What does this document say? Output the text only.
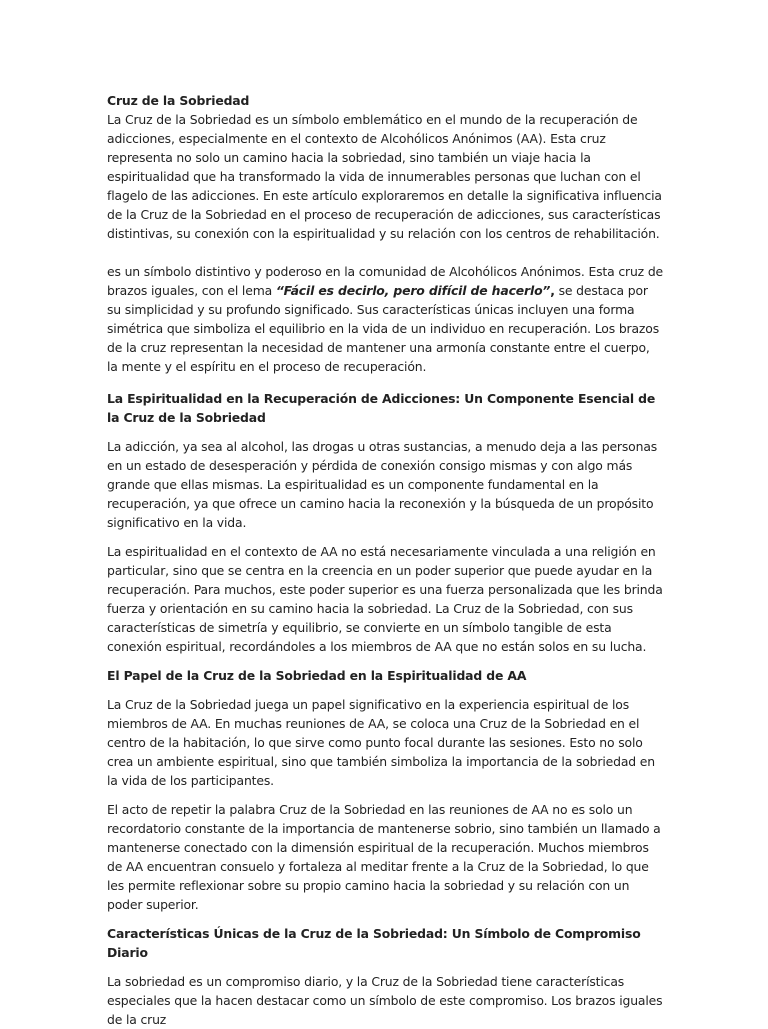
Cruz de la Sobriedad

La Cruz de la Sobriedad es un símbolo emblemático en el mundo de la recuperación de adicciones, especialmente en el contexto de Alcohólicos Anónimos (AA). Esta cruz representa no solo un camino hacia la sobriedad, sino también un viaje hacia la espiritualidad que ha transformado la vida de innumerables personas que luchan con el flagelo de las adicciones. En este artículo exploraremos en detalle la significativa influencia de la Cruz de la Sobriedad en el proceso de recuperación de adicciones, sus características distintivas, su conexión con la espiritualidad y su relación con los centros de rehabilitación.

es un símbolo distintivo y poderoso en la comunidad de Alcohólicos Anónimos. Esta cruz de brazos iguales, con el lema “Fácil es decirlo, pero difícil de hacerlo”, se destaca por su simplicidad y su profundo significado. Sus características únicas incluyen una forma simétrica que simboliza el equilibrio en la vida de un individuo en recuperación. Los brazos de la cruz representan la necesidad de mantener una armonía constante entre el cuerpo, la mente y el espíritu en el proceso de recuperación.

La Espiritualidad en la Recuperación de Adicciones: Un Componente Esencial de la Cruz de la Sobriedad

La adicción, ya sea al alcohol, las drogas u otras sustancias, a menudo deja a las personas en un estado de desesperación y pérdida de conexión consigo mismas y con algo más grande que ellas mismas. La espiritualidad es un componente fundamental en la recuperación, ya que ofrece un camino hacia la reconexión y la búsqueda de un propósito significativo en la vida.

La espiritualidad en el contexto de AA no está necesariamente vinculada a una religión en particular, sino que se centra en la creencia en un poder superior que puede ayudar en la recuperación. Para muchos, este poder superior es una fuerza personalizada que les brinda fuerza y orientación en su camino hacia la sobriedad. La Cruz de la Sobriedad, con sus características de simetría y equilibrio, se convierte en un símbolo tangible de esta conexión espiritual, recordándoles a los miembros de AA que no están solos en su lucha.

El Papel de la Cruz de la Sobriedad en la Espiritualidad de AA

La Cruz de la Sobriedad juega un papel significativo en la experiencia espiritual de los miembros de AA. En muchas reuniones de AA, se coloca una Cruz de la Sobriedad en el centro de la habitación, lo que sirve como punto focal durante las sesiones. Esto no solo crea un ambiente espiritual, sino que también simboliza la importancia de la sobriedad en la vida de los participantes.

El acto de repetir la palabra Cruz de la Sobriedad en las reuniones de AA no es solo un recordatorio constante de la importancia de mantenerse sobrio, sino también un llamado a mantenerse conectado con la dimensión espiritual de la recuperación. Muchos miembros de AA encuentran consuelo y fortaleza al meditar frente a la Cruz de la Sobriedad, lo que les permite reflexionar sobre su propio camino hacia la sobriedad y su relación con un poder superior.

Características Únicas de la Cruz de la Sobriedad: Un Símbolo de Compromiso Diario

La sobriedad es un compromiso diario, y la Cruz de la Sobriedad tiene características especiales que la hacen destacar como un símbolo de este compromiso. Los brazos iguales de la cruz
